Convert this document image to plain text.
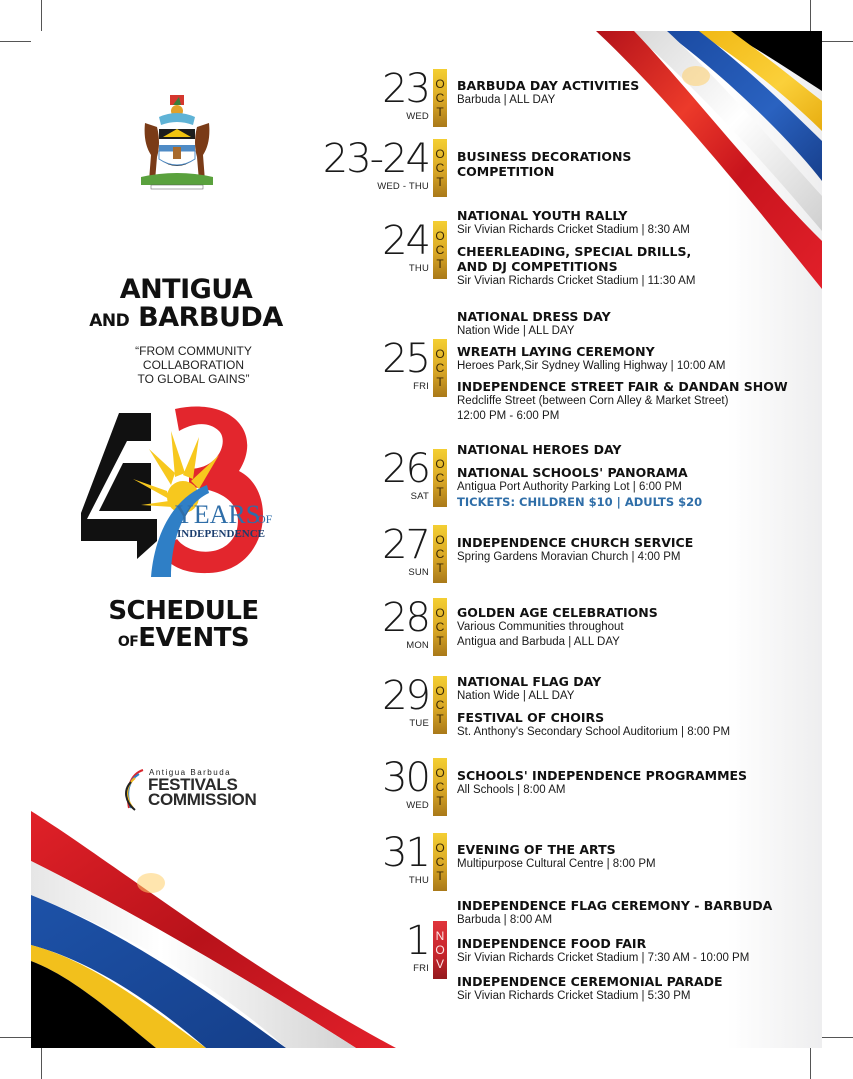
ANTIGUA
AND BARBUDA
“FROM COMMUNITY
COLLABORATION
TO GLOBAL GAINS”
YEARS
OF
INDEPENDENCE
SCHEDULE
OFEVENTS
Antigua Barbuda
FESTIVALS
COMMISSION
23
WED
O
C
T
BARBUDA DAY ACTIVITIES
Barbuda | ALL DAY
23-24
WED - THU
O
C
T
BUSINESS DECORATIONS
COMPETITION
24
THU
O
C
T
NATIONAL YOUTH RALLY
Sir Vivian Richards Cricket Stadium | 8:30 AM
CHEERLEADING, SPECIAL DRILLS,
AND DJ COMPETITIONS
Sir Vivian Richards Cricket Stadium | 11:30 AM
25
FRI
O
C
T
NATIONAL DRESS DAY
Nation Wide | ALL DAY
WREATH LAYING CEREMONY
Heroes Park,Sir Sydney Walling Highway | 10:00 AM
INDEPENDENCE STREET FAIR & DANDAN SHOW
Redcliffe Street (between Corn Alley & Market Street)
12:00 PM - 6:00 PM
26
SAT
O
C
T
NATIONAL HEROES DAY
NATIONAL SCHOOLS' PANORAMA
Antigua Port Authority Parking Lot | 6:00 PM
TICKETS: CHILDREN $10 | ADULTS $20
27
SUN
O
C
T
INDEPENDENCE CHURCH SERVICE
Spring Gardens Moravian Church | 4:00 PM
28
MON
O
C
T
GOLDEN AGE CELEBRATIONS
Various Communities throughout
Antigua and Barbuda | ALL DAY
29
TUE
O
C
T
NATIONAL FLAG DAY
Nation Wide | ALL DAY
FESTIVAL OF CHOIRS
St. Anthony's Secondary School Auditorium | 8:00 PM
30
WED
O
C
T
SCHOOLS' INDEPENDENCE PROGRAMMES
All Schools | 8:00 AM
31
THU
O
C
T
EVENING OF THE ARTS
Multipurpose Cultural Centre | 8:00 PM
1
FRI
N
O
V
INDEPENDENCE FLAG CEREMONY - BARBUDA
Barbuda | 8:00 AM
INDEPENDENCE FOOD FAIR
Sir Vivian Richards Cricket Stadium | 7:30 AM - 10:00 PM
INDEPENDENCE CEREMONIAL PARADE
Sir Vivian Richards Cricket Stadium | 5:30 PM
